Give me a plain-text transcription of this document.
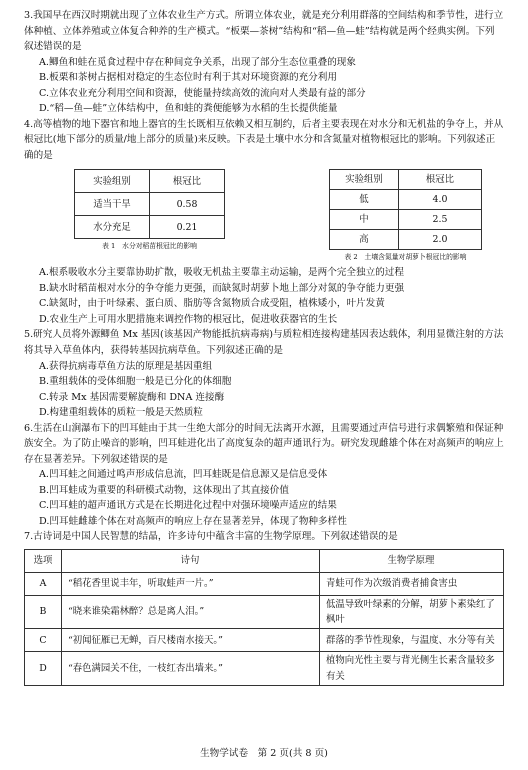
3.我国早在西汉时期就出现了立体农业生产方式。所谓立体农业，就是充分利用群落的空间结构和季节性，进行立体种植、立体养殖或立体复合种养的生产模式。“板栗—茶树”结构和“稻—鱼—蛙”结构就是两个经典实例。下列叙述错误的是

A.鲫鱼和蛙在觅食过程中存在种间竞争关系，出现了部分生态位重叠的现象

B.板栗和茶树占据相对稳定的生态位时有利于其对环境资源的充分利用

C.立体农业充分利用空间和资源，使能量持续高效的流向对人类最有益的部分

D.“稻—鱼—蛙”立体结构中，鱼和蛙的粪便能够为水稻的生长提供能量

4.高等植物的地下器官和地上器官的生长既相互依赖又相互制约，后者主要表现在对水分和无机盐的争夺上，并从根冠比(地下部分的质量/地上部分的质量)来反映。下表是土壤中水分和含氮量对植物根冠比的影响。下列叙述正确的是

实验组别	根冠比
适当干旱	0.58
水分充足	0.21
表 1　水分对稻苗根冠比的影响
实验组别	根冠比
低	4.0
中	2.5
高	2.0
表 2　土壤含氮量对胡萝卜根冠比的影响

A.根系吸收水分主要靠协助扩散，吸收无机盐主要靠主动运输，是两个完全独立的过程

B.缺水时稻苗根对水分的争夺能力更强，而缺氮时胡萝卜地上部分对氮的争夺能力更强

C.缺氮时，由于叶绿素、蛋白质、脂肪等含氮物质合成受阻，植株矮小，叶片发黄

D.农业生产上可用水肥措施来调控作物的根冠比，促进收获器官的生长

5.研究人员将外源鲫鱼 Mx 基因(该基因产物能抵抗病毒病)与质粒相连接构建基因表达载体，利用显微注射的方法将其导入草鱼体内，获得转基因抗病草鱼。下列叙述正确的是

A.获得抗病毒草鱼方法的原理是基因重组

B.重组载体的受体细胞一般是已分化的体细胞

C.转录 Mx 基因需要解旋酶和 DNA 连接酶

D.构建重组载体的质粒一般是天然质粒

6.生活在山涧瀑布下的凹耳蛙由于其一生绝大部分的时间无法离开水源，且需要通过声信号进行求偶繁殖和保证种族安全。为了防止噪音的影响，凹耳蛙进化出了高度复杂的超声通讯行为。研究发现雌雄个体在对高频声的响应上存在显著差异。下列叙述错误的是

A.凹耳蛙之间通过鸣声形成信息流，凹耳蛙既是信息源又是信息受体

B.凹耳蛙成为重要的科研模式动物，这体现出了其直接价值

C.凹耳蛙的超声通讯方式是在长期进化过程中对强环境噪声适应的结果

D.凹耳蛙雌雄个体在对高频声的响应上存在显著差异，体现了物种多样性

7.古诗词是中国人民智慧的结晶，许多诗句中蕴含丰富的生物学原理。下列叙述错误的是

选项	诗句	生物学原理
A	“稻花香里说丰年，听取蛙声一片。”	青蛙可作为次级消费者捕食害虫
B	“晓来谁染霜林醉？总是离人泪。”	低温导致叶绿素的分解，胡萝卜素染红了枫叶
C	“初闻征雁已无蝉，百尺楼南水接天。”	群落的季节性现象，与温度、水分等有关
D	“春色满园关不住，一枝红杏出墙来。”	植物向光性主要与背光侧生长素含量较多有关
生物学试卷　第 2 页(共 8 页)
